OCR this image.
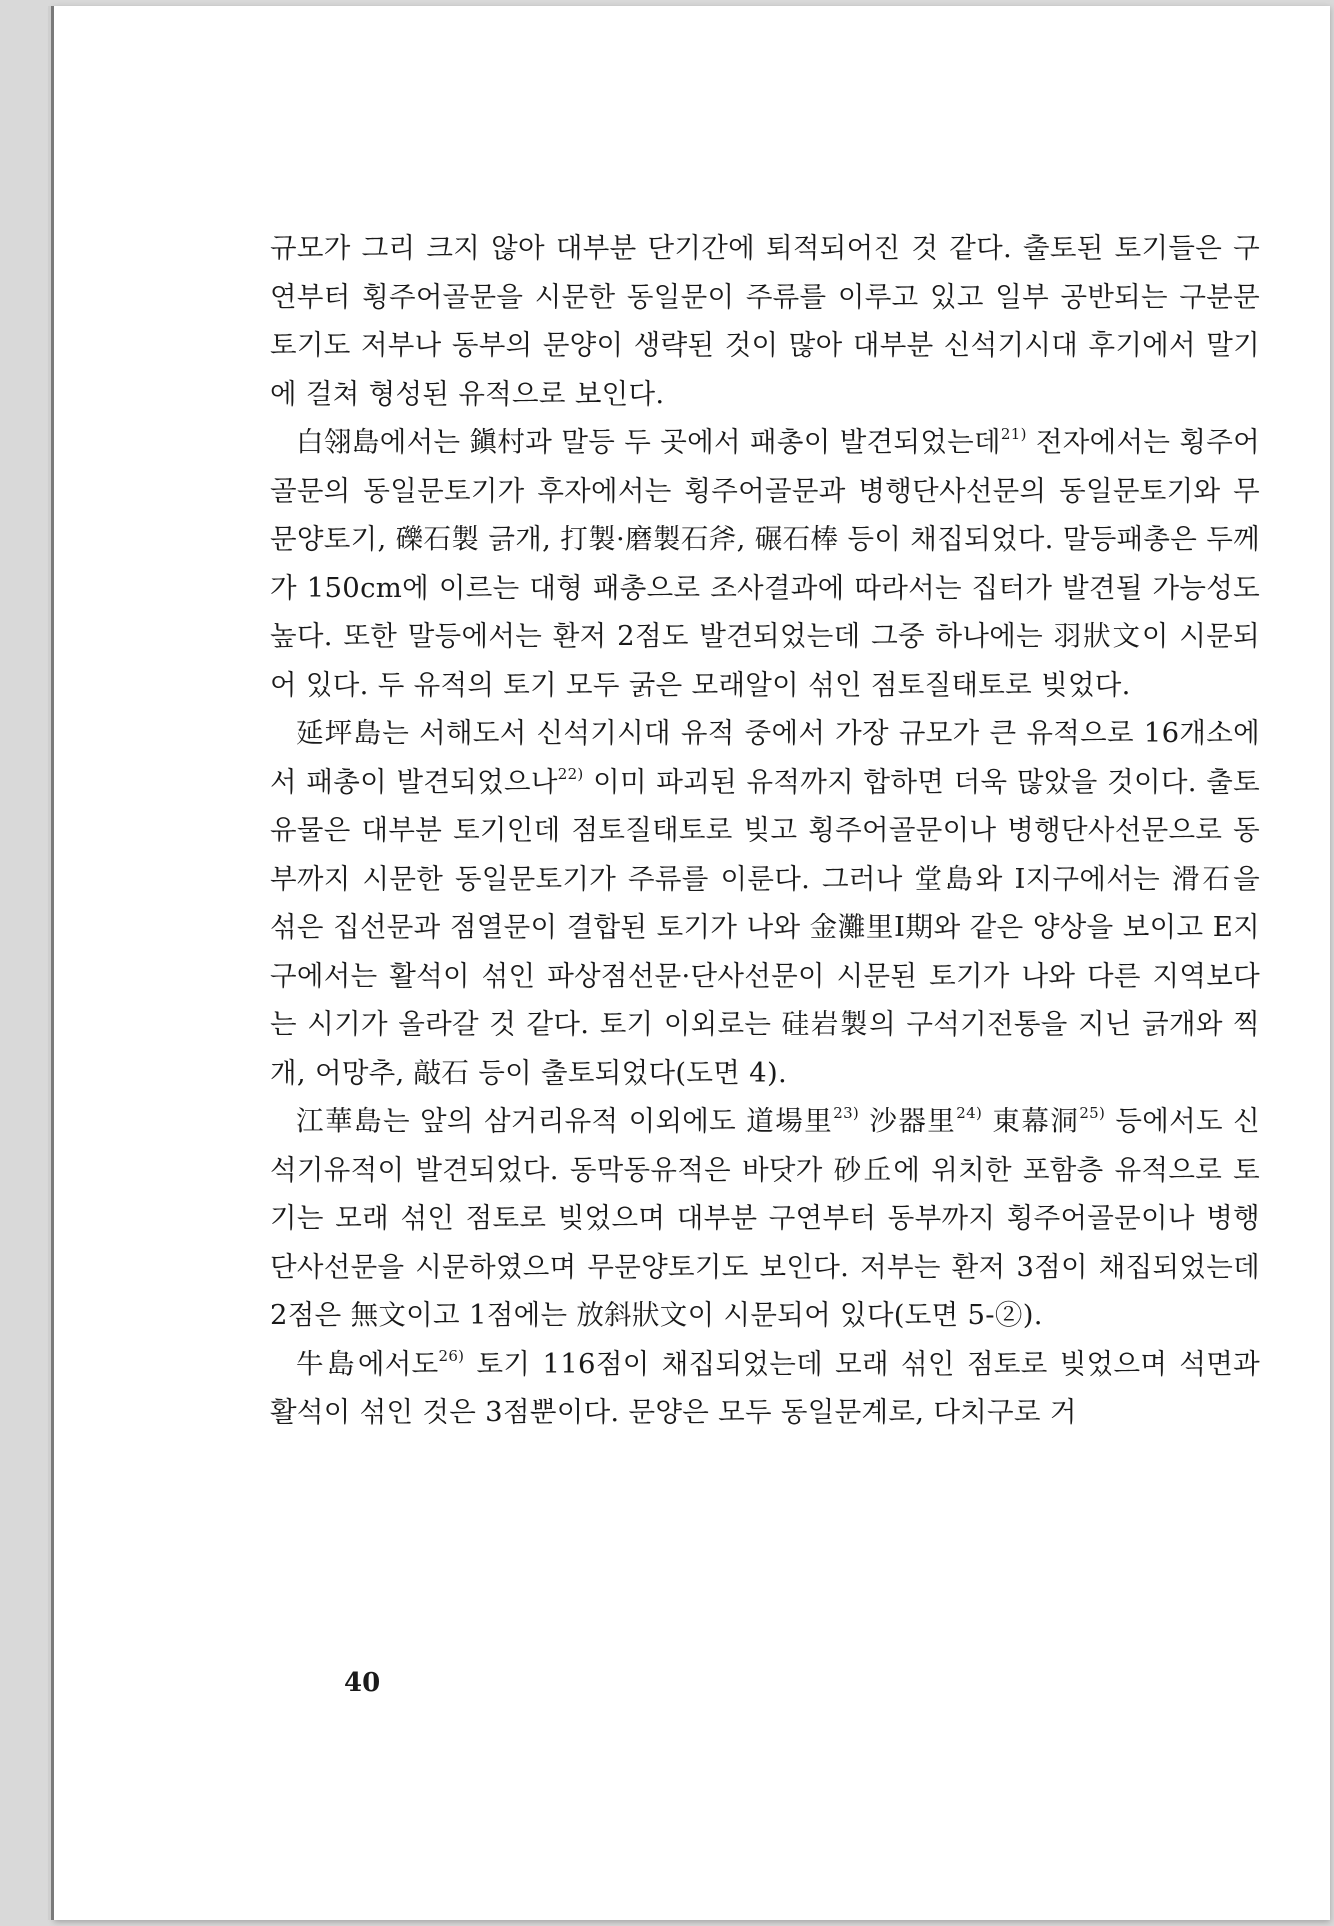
규모가 그리 크지 않아 대부분 단기간에 퇴적되어진 것 같다. 출토된 토기들은 구연부터 횡주어골문을 시문한 동일문이 주류를 이루고 있고 일부 공반되는 구분문토기도 저부나 동부의 문양이 생략된 것이 많아 대부분 신석기시대 후기에서 말기에 걸쳐 형성된 유적으로 보인다.

白翎島에서는 鎭村과 말등 두 곳에서 패총이 발견되었는데$^{21)}$ 전자에서는 횡주어골문의 동일문토기가 후자에서는 횡주어골문과 병행단사선문의 동일문토기와 무문양토기, 礫石製 긁개, 打製·磨製石斧, 碾石棒 등이 채집되었다. 말등패총은 두께가 150cm에 이르는 대형 패총으로 조사결과에 따라서는 집터가 발견될 가능성도 높다. 또한 말등에서는 환저 2점도 발견되었는데 그중 하나에는 羽狀文이 시문되어 있다. 두 유적의 토기 모두 굵은 모래알이 섞인 점토질태토로 빚었다.

延坪島는 서해도서 신석기시대 유적 중에서 가장 규모가 큰 유적으로 16개소에서 패총이 발견되었으나$^{22)}$ 이미 파괴된 유적까지 합하면 더욱 많았을 것이다. 출토유물은 대부분 토기인데 점토질태토로 빚고 횡주어골문이나 병행단사선문으로 동부까지 시문한 동일문토기가 주류를 이룬다. 그러나 堂島와 I지구에서는 滑石을 섞은 집선문과 점열문이 결합된 토기가 나와 金灘里I期와 같은 양상을 보이고 E지구에서는 활석이 섞인 파상점선문·단사선문이 시문된 토기가 나와 다른 지역보다는 시기가 올라갈 것 같다. 토기 이외로는 硅岩製의 구석기전통을 지닌 긁개와 찍개, 어망추, 敲石 등이 출토되었다(도면 4).

江華島는 앞의 삼거리유적 이외에도 道場里$^{23)}$ 沙器里$^{24)}$ 東幕洞$^{25)}$ 등에서도 신석기유적이 발견되었다. 동막동유적은 바닷가 砂丘에 위치한 포함층 유적으로 토기는 모래 섞인 점토로 빚었으며 대부분 구연부터 동부까지 횡주어골문이나 병행단사선문을 시문하였으며 무문양토기도 보인다. 저부는 환저 3점이 채집되었는데 2점은 無文이고 1점에는 放斜狀文이 시문되어 있다(도면 5-②).

牛島에서도$^{26)}$ 토기 116점이 채집되었는데 모래 섞인 점토로 빚었으며 석면과 활석이 섞인 것은 3점뿐이다. 문양은 모두 동일문계로, 다치구로 거

40
